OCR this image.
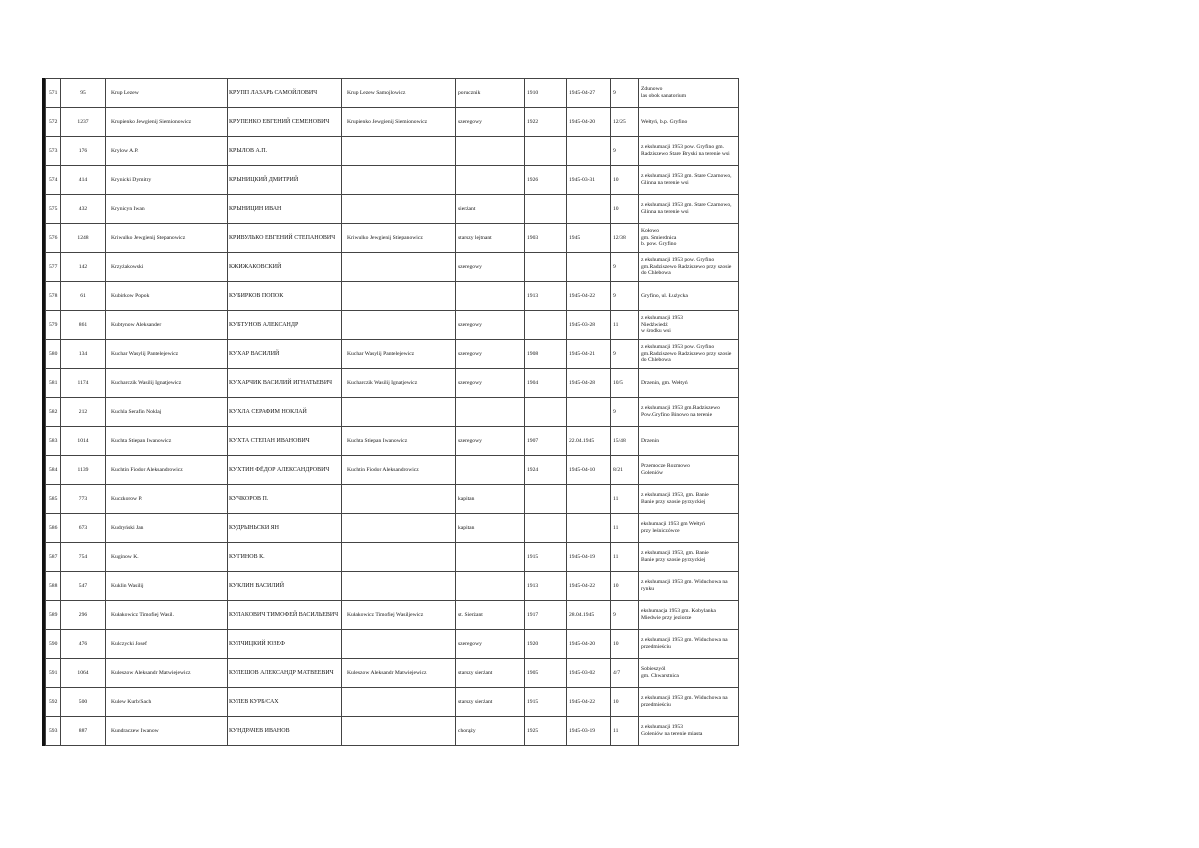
571	95	Krup Lezew	КРУПП ЛАЗАРЬ САМОЙЛОВИЧ	Krup Lezew Samojlowicz	porucznik	1910	1945-04-27	9	Zdunowo
las obok sanatorium
572	1237	Krupienko Jewgienij Siemionowicz	КРУПЕНКО ЕВГЕНИЙ СЕМЕНОВИЧ	Krupienko Jewgienij Siemionowicz	szeregowy	1922	1945-04-20	12/25	Wełtyń, b.p. Gryfino
573	176	Krylow A.P.	КРЫЛОВ А.П.					9	z ekshumacji 1953 pow. Gryfino gm. Radziszewo Stare Bryski na terenie wsi
574	414	Krynicki Dymitry	КРЫНИЦКИЙ ДМИТРИЙ			1926	1945-03-31	10	z ekshumacji 1953 gm. Stare Czarnowo, Glinna na terenie wsi
575	432	Krynicyn Iwan	КРЫНИЦИН ИВАН		sierżant			10	z ekshumacji 1953 gm. Stare Czarnowo, Glinna na terenie wsi
576	1248	Kriwulko Jewgienij Stepanowicz	КРИВУЛЬКО ЕВГЕНИЙ СТЕПАНОВИЧ	Kriwulko Jewgienij Stiepanowicz	starszy lejtnant	1903	1945	12/38	Kołowo
gm. Smierdnica
b. pow. Gryfino
577	142	Krzyżakowski	КЖИЖАКОВСКИЙ		szeregowy			9	z ekshumacji 1953 pow. Gryfino gm.Radziszewo Radziszewo przy szosie do Chlebowa
578	61	Kubirkow Popok	КУБИРКОВ ПОПОК			1913	1945-04-22	9	Gryfino, ul. Łużycka
579	861	Kubtynow Aleksander	КУБТУНОВ АЛЕКСАНДР		szeregowy		1945-03-28	11	z ekshumacji 1953
Niedźwiedź
w środku wsi
580	134	Kuchar Wasylij Pantelejewicz	КУХАР ВАСИЛИЙ	Kuchar Wasylij Pantelejewicz	szeregowy	1908	1945-04-21	9	z ekshumacji 1953 pow. Gryfino gm.Radziszewo Radziszewo przy szosie do Chlebowa
581	1174	Kucharczik Wasilij Ignatjewicz	КУХАРЧИК ВАСИЛИЙ ИГНАТЬЕВИЧ	Kucharczik Wasilij Ignatjewicz	szeregowy	1904	1945-04-28	10/5	Drzenin, gm. Wełtyń
582	212	Kuchla Serafin Noklaj	КУХЛА СЕРАФИМ НОКЛАЙ					9	z ekshumacji 1953 gm.Radziszewo Pow.Gryfino Binowo na terenie
583	1014	Kuchta Stiepan Iwanowicz	КУХТА СТЕПАН ИВАНОВИЧ	Kuchta Stiepan Iwanowicz	szeregowy	1907	22.04.1945	15/48	Drzenin
584	1139	Kuchtin Fiodor Aleksandrowicz	КУХТИН ФЁДОР АЛЕКСАНДРОВИЧ	Kuchtin Fiodor Aleksandrowicz		1924	1945-04-10	8/21	Przemocze Rozmowo
Goleniów
585	773	Kuczkorow P.	КУЧКОРОВ П.		kapitan			11	z ekshumacji 1953, gm. Banie
Banie przy szosie pyrzyckiej
586	673	Kudryński Jan	КУДРЫНЬСКИ ЯН		kapitan			11	ekshumacji 1953 gm Wełtyń
przy leśniczówce
587	754	Kuginow K.	КУГИНОВ К.			1915	1945-04-19	11	z ekshumacji 1953, gm. Banie
Banie przy szosie pyrzyckiej
588	547	Kuklin Wasilij	КУКЛИН ВАСИЛИЙ			1913	1945-04-22	10	z ekshumacji 1953 gm. Widuchowa na rynku
589	296	Kułakowicz Timofiej Wasil.	КУЛАКОВИЧ ТИМОФЕЙ ВАСИЛЬЕВИЧ	Kułakowicz Timofiej Wasiljewicz	st. Sierżant	1917	28.04.1945	9	ekshumacja 1953 gm. Kobylanka Miedwie przy jeziorze
590	476	Kulczycki Josef	КУЛЧИЦКИЙ ЮЗЕФ		szeregowy	1920	1945-04-20	10	z ekshumacji 1953 gm. Widuchowa na przedmieściu
591	1064	Kuleszow Aleksandr Matwiejewicz	КУЛЕШОВ АЛЕКСАНДР МАТВЕЕВИЧ	Kuleszow Aleksandr Matwiejewicz	starszy sierżant	1905	1945-03-02	4/7	Sobieszyól
gm. Chwarstnica
592	500	Kulew Kurb/Sach	КУЛЕВ КУРБ/САХ		starszy sierżant	1915	1945-04-22	10	z ekshumacji 1953 gm. Widuchowa na przedmieściu
593	887	Kundraczew Iwanow	КУНДРАЧЕВ ИВАНОВ		chorąży	1925	1945-03-19	11	z ekshumacji 1953
Goleniów na terenie miasta
